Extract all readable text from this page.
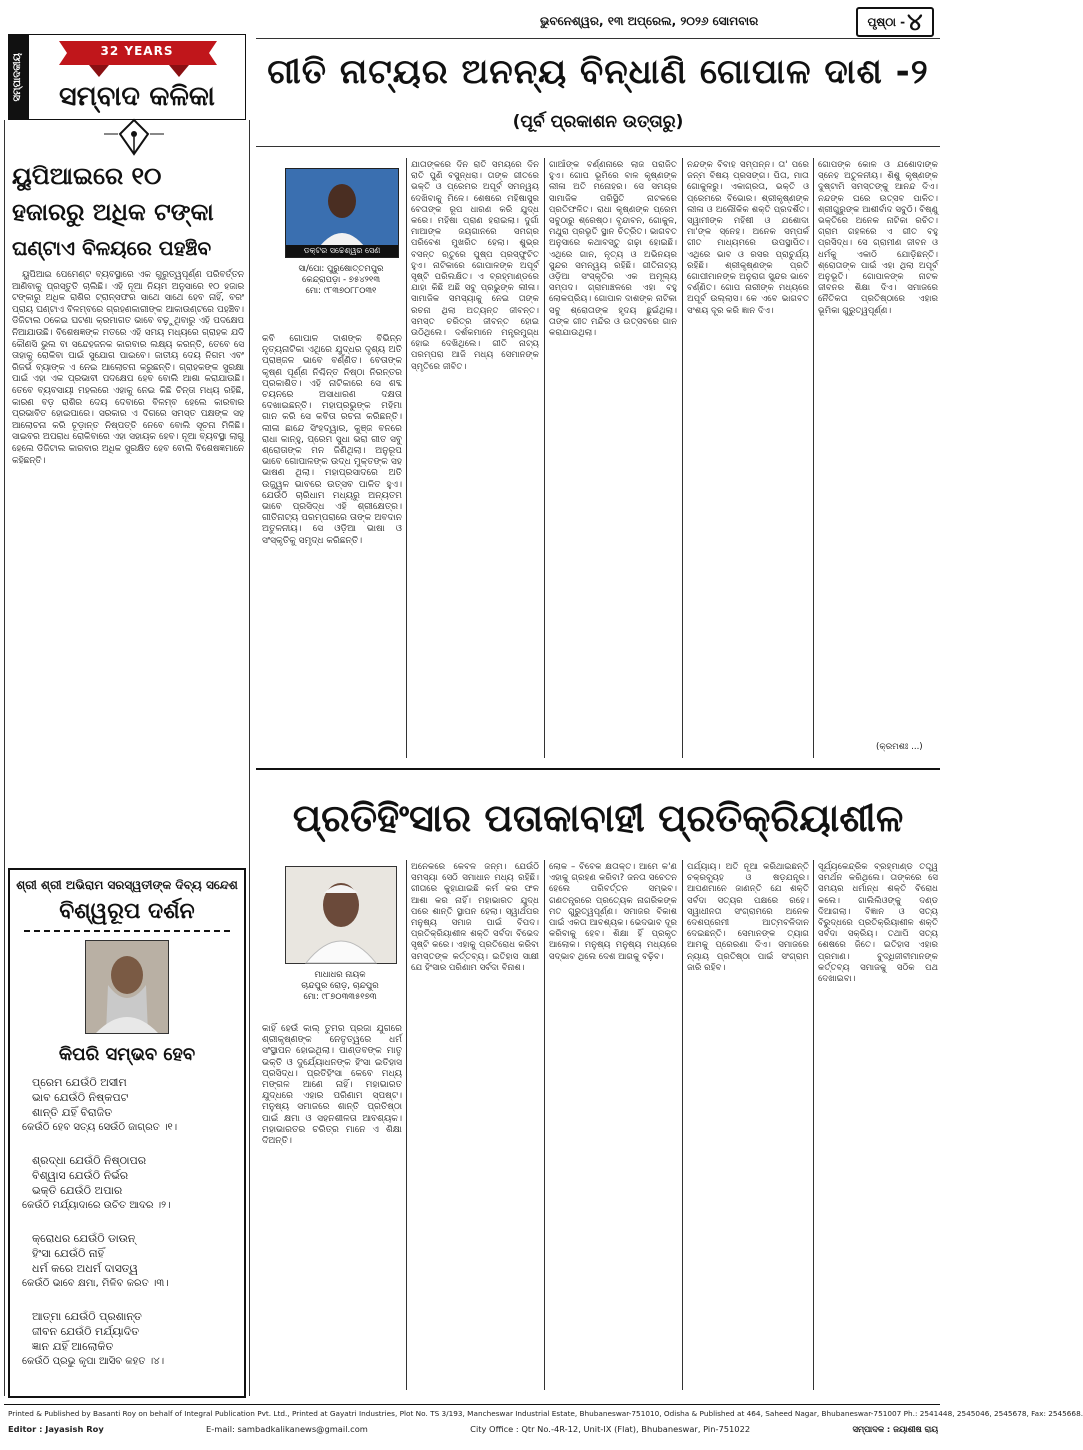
ଭୁବନେଶ୍ୱର, ୧୩ ଅପ୍ରେଲ, ୨୦୨୬ ସୋମବାର	ପୃଷ୍ଠା - ୪
ସମ୍ପାଦକୀୟ
32 YEARS
ସମ୍ବାଦ କଳିକା
ୟୁପିଆଇରେ ୧୦
ହଜାରରୁ ଅଧିକ ଟଙ୍କା
ଘଣ୍ଟାଏ ବିଳୟରେ ପହଞ୍ଚିବ
ୟୁପିଆଇ ପେମେଣ୍ଟ ବ୍ୟବସ୍ଥାରେ ଏକ ଗୁରୁତ୍ୱପୂର୍ଣ୍ଣ ପରିବର୍ତ୍ତନ ଆଣିବାକୁ ପ୍ରସ୍ତୁତି ଚାଲିଛି। ଏହି ନୂଆ ନିୟମ ଅନୁସାରେ ୧୦ ହଜାର ଟଙ୍କାରୁ ଅଧିକ ରାଶିର ଟ୍ରାନ୍ସଫର ସାଥେ ସାଥେ ହେବ ନାହିଁ, ବରଂ ପ୍ରାୟ ଘଣ୍ଟାଏ ବିଳମ୍ବରେ ଗ୍ରହଣକାରୀଙ୍କ ଆକାଉଣ୍ଟରେ ପହଞ୍ଚିବ। ଡିଜିଟାଲ ଠକେଇ ଘଟଣା କ୍ରମାଗତ ଭାବେ ବଢ଼ୁଥିବାରୁ ଏହି ପଦକ୍ଷେପ ନିଆଯାଉଛି। ବିଶେଷଜ୍ଞଙ୍କ ମତରେ ଏହି ସମୟ ମଧ୍ୟରେ ଗ୍ରାହକ ଯଦି କୌଣସି ଭୁଲ ବା ସନ୍ଦେହଜନକ କାରବାର ଲକ୍ଷ୍ୟ କରନ୍ତି, ତେବେ ସେ ତାହାକୁ ରୋକିବା ପାଇଁ ସୁଯୋଗ ପାଇବେ। ଜାତୀୟ ଦେୟ ନିଗମ ଏବଂ ରିଜର୍ଭ ବ୍ୟାଙ୍କ ଏ ନେଇ ଆଲୋଚନା କରୁଛନ୍ତି। ଗ୍ରାହକଙ୍କ ସୁରକ୍ଷା ପାଇଁ ଏହା ଏକ ପ୍ରଭାବୀ ପଦକ୍ଷେପ ହେବ ବୋଲି ଆଶା କରାଯାଉଛି। ତେବେ ବ୍ୟବସାୟୀ ମହଲରେ ଏହାକୁ ନେଇ କିଛି ଚିନ୍ତା ମଧ୍ୟ ରହିଛି, କାରଣ ବଡ଼ ରାଶିର ଦେୟ ଦେବାରେ ବିଳମ୍ବ ହେଲେ କାରବାର ପ୍ରଭାବିତ ହୋଇପାରେ। ସରକାର ଏ ଦିଗରେ ସମସ୍ତ ପକ୍ଷଙ୍କ ସହ ଆଲୋଚନା କରି ଚୂଡ଼ାନ୍ତ ନିଷ୍ପତ୍ତି ନେବେ ବୋଲି ସୂଚନା ମିଳିଛି। ସାଇବର ଅପରାଧ ରୋକିବାରେ ଏହା ସହାୟକ ହେବ। ନୂଆ ବ୍ୟବସ୍ଥା ଲାଗୁ ହେଲେ ଡିଜିଟାଲ କାରବାର ଅଧିକ ସୁରକ୍ଷିତ ହେବ ବୋଲି ବିଶେଷଜ୍ଞମାନେ କହିଛନ୍ତି।
ଶ୍ରୀ ଶ୍ରୀ ଅଭିରାମ ସରସ୍ୱତୀଙ୍କ ଦିବ୍ୟ ସନ୍ଦେଶ
ବିଶ୍ୱରୂପ ଦର୍ଶନ
କିପରି ସମ୍ଭବ ହେବ
ପ୍ରେମ ଯେଉଁଠି ଅସୀମ
ଭାବ ଯେଉଁଠି ନିଷ୍କପଟ
ଶାନ୍ତି ଯହିଁ ବିରାଜିତ
କେଉଁଠି ହେବ ସତ୍ୟ ସେଉଁଠି ଜାଗ୍ରତ ।୧।
ଶ୍ରଦ୍ଧା ଯେଉଁଠି ନିଷ୍ଠାପର
ବିଶ୍ୱାସ ଯେଉଁଠି ନିର୍ଭର
ଭକ୍ତି ଯେଉଁଠି ଅପାର
କେଉଁଠି ମର୍ଯ୍ୟାଦାରେ ଉଚିତ ଆଦର ।୨।
କ୍ରୋଧର ଯେଉଁଠି ଡାଉନ୍
ହିଂସା ଯେଉଁଠି ନାହିଁ
ଧର୍ମ କରେ ଅଧର୍ମ ଦାସତ୍ୱ
କେଉଁଠି ଭାବେ କ୍ଷମା, ମିଳିବ କରତ ।୩।
ଆତ୍ମା ଯେଉଁଠି ପ୍ରଶାନ୍ତ
ଜୀବନ ଯେଉଁଠି ମର୍ଯ୍ୟାଦିତ
ଜ୍ଞାନ ଯହିଁ ଆଲୋକିତ
କେଉଁଠି ପ୍ରଭୁ କୃପା ଆସିବ କହତ ।୪।
ଗୀତି ନାଟ୍ୟର ଅନନ୍ୟ ବିନ୍ଧାଣି ଗୋପାଳ ଦାଶ -୨
(ପୂର୍ବ ପ୍ରକାଶନ ଉତ୍ତାରୁ)
ଡକ୍ଟର ସଚ୍ଚେଶ୍ୱର ସେଣ
ସା/ପୋ: ପୁରୁଷୋତ୍ତମପୁର
କେନ୍ଦ୍ରାପଡ଼ା - ୭୫୪୨୧୩
ମୋ: ୯୮୩୭୦୮୮୦୩୧
କବି ଗୋପାଳ ଦାଶଙ୍କ ବିଭିନ୍ନ ନୃତ୍ୟନାଟିକା ଏଥିରେ ଯୁଦ୍ଧର ଦୃଶ୍ୟ ଅତି ପ୍ରାଞ୍ଜଳ ଭାବେ ବର୍ଣ୍ଣିତ। ବେତାଙ୍କ କୃଷ୍ଣ ପୂର୍ଣ୍ଣ ନିଶ୍ଚିନ୍ତ ନିଷ୍ଠା ନିରନ୍ତର ପ୍ରକାଶିତ। ଏହି ନାଟିକାରେ ସେ ଶବ୍ଦ ଚୟନରେ ଅସାଧାରଣ ଦକ୍ଷତା ଦେଖାଇଛନ୍ତି। ମହାପ୍ରଭୁଙ୍କ ମହିମା ଗାନ କରି ସେ କବିତା ରଚନା କରିଛନ୍ତି। ଲୀଳା ଛାନ୍ଦେ ସିଂହଦ୍ୱାର, କୁଞ୍ଜ ବନରେ ରାଧା କାନ୍ହୁ, ପ୍ରେମ ସୁଧା ଭରା ଗୀତ ସବୁ ଶ୍ରୋତାଙ୍କ ମନ ଜିଣିଥିଲା। ଅନୁରୂପ ଭାବେ ଗୋପାଳଙ୍କ ଉଦ୍ଧ ମୁକ୍ତଙ୍କ ସହ ଭାଷଣ ଥିଲା। ମହାପ୍ରସାଦରେ ଅତି ଉଜ୍ଜ୍ୱଳ ଭାବରେ ଉତ୍ସବ ପାଳିତ ହୁଏ। ଯେଉଁଠି ଚାରିଧାମ ମଧ୍ୟରୁ ଅନ୍ୟତମ ଭାବେ ପ୍ରସିଦ୍ଧ ଏହି ଶ୍ରୀକ୍ଷେତ୍ର। ଗୀତିନାଟ୍ୟ ପରମ୍ପରାରେ ତାଙ୍କ ଅବଦାନ ଅତୁଳନୀୟ। ସେ ଓଡ଼ିଆ ଭାଷା ଓ ସଂସ୍କୃତିକୁ ସମୃଦ୍ଧ କରିଛନ୍ତି।
ଯାତାଙ୍କରେ ଦିନ ରାତି ସମୟରେ ଦିନ ରାତି ପୁଣି ବସୁନ୍ଧରା। ତାଙ୍କ ଗୀତରେ ଭକ୍ତି ଓ ପ୍ରେମର ଅପୂର୍ବ ସମନ୍ୱୟ ଦେଖିବାକୁ ମିଳେ। ଶେଷରେ ମହିଷାସୁର ବେତାଙ୍କ ରୂପ ଧାରଣ କରି ଯୁଦ୍ଧ କରେ। ମହିଷା ପ୍ରାଣ ହରାଇଲା। ଦୁର୍ଗା ମାଆଙ୍କ ଜୟଗାନରେ ସମଗ୍ର ପରିବେଶ ମୁଖରିତ ହେଲା। ଶୁଭ୍ର ବସନ୍ତ ଋତୁରେ ପୁଷ୍ପ ପ୍ରସ୍ଫୁଟିତ ହୁଏ। ନାଟିକାରେ ଗୋପାଳଙ୍କ ଅପୂର୍ବ ସୃଷ୍ଟି ପରିଲକ୍ଷିତ। ଏ ବ୍ରହ୍ମାଣ୍ଡରେ ଯାହା କିଛି ଅଛି ସବୁ ପ୍ରଭୁଙ୍କ ଲୀଳା। ସାମାଜିକ ସମସ୍ୟାକୁ ନେଇ ତାଙ୍କ ରଚନା ଥିଲା ଅତ୍ୟନ୍ତ ଜୀବନ୍ତ। ସମସ୍ତ ଚରିତ୍ର ଜୀବନ୍ତ ହୋଇ ଉଠିଥିଲେ। ଦର୍ଶକମାନେ ମନ୍ତ୍ରମୁଗ୍ଧ ହୋଇ ଦେଖିଥିଲେ। ଗୀତି ନାଟ୍ୟ ପରମ୍ପରା ଆଜି ମଧ୍ୟ ସେମାନଙ୍କ ସ୍ମୃତିରେ ଜୀବିତ।
ଗାଆଁଙ୍କ ବର୍ଣ୍ଣନାରେ ଲାଜ ପରାଜିତ ହୁଏ। ଗୋପ ଭୂମିରେ ବାଳ କୃଷ୍ଣଙ୍କ ଲୀଳା ଅତି ମନୋହର। ସେ ସମୟର ସାମାଜିକ ପରିସ୍ଥିତି ନାଟକରେ ପ୍ରତିଫଳିତ। ରାଧା କୃଷ୍ଣଙ୍କ ପ୍ରେମ ସବୁଠାରୁ ଶ୍ରେଷ୍ଠ। ବୃନ୍ଦାବନ, ଗୋକୁଳ, ମଥୁରା ପ୍ରଭୃତି ସ୍ଥାନ ଚିତ୍ରିତ। ଭାଗବତ ଅନୁସାରେ କଥାବସ୍ତୁ ଗଢ଼ା ହୋଇଛି। ଏଥିରେ ଗାନ, ନୃତ୍ୟ ଓ ଅଭିନୟର ସୁନ୍ଦର ସମନ୍ୱୟ ରହିଛି। ଗୀତିନାଟ୍ୟ ଓଡ଼ିଆ ସଂସ୍କୃତିର ଏକ ଅମୂଲ୍ୟ ସମ୍ପଦ। ଗ୍ରାମାଞ୍ଚଳରେ ଏହା ବହୁ ଲୋକପ୍ରିୟ। ଗୋପାଳ ଦାଶଙ୍କ ନାଟିକା ସବୁ ଶ୍ରୋତାଙ୍କ ହୃଦୟ ଛୁଇଁଥିଲା। ତାଙ୍କ ଗୀତ ମନ୍ଦିର ଓ ଉତ୍ସବରେ ଗାନ କରାଯାଉଥିଲା।
ନନ୍ଦଙ୍କ ବିବାହ ସମ୍ପନ୍ନ। ତା' ପରେ ଜନ୍ମ ବିଷୟ ପ୍ରସଙ୍ଗ। ପିତା, ମାତା ଗୋକୁଳରୁ। ଏକାଗ୍ରତା, ଭକ୍ତି ଓ ପ୍ରେମରେ ବିଭୋର। ଶ୍ରୀକୃଷ୍ଣଙ୍କ ଲୀଳା ଓ ଅଲୌକିକ ଶକ୍ତି ପ୍ରଦର୍ଶିତ। ସ୍ୱାମୀଙ୍କ ମହିଷୀ ଓ ଯଶୋଦା ମା'ଙ୍କ ସ୍ନେହ। ଅନେକ ସମ୍ପର୍କ ଗୀତ ମାଧ୍ୟମରେ ଉପସ୍ଥାପିତ। ଏଥିରେ ଭାବ ଓ ରସର ପ୍ରାଚୁର୍ଯ୍ୟ ରହିଛି। ଶ୍ରୀକୃଷ୍ଣଙ୍କ ପ୍ରତି ଗୋପୀମାନଙ୍କ ଅନୁରାଗ ସୁନ୍ଦର ଭାବେ ବର୍ଣ୍ଣିତ। ଗୋପ ନାରୀଙ୍କ ମଧ୍ୟରେ ଅପୂର୍ବ ଉଲ୍ଲାସ। କେ ଏବେ ଭାଗବତ ସଂଶୟ ଦୂର କରି ଜ୍ଞାନ ଦିଏ।
ଗୋପଙ୍କ କୋଳ ଓ ଯଶୋଦାଙ୍କ ସ୍ନେହ ଅତୁଳନୀୟ। ଶିଶୁ କୃଷ୍ଣଙ୍କ ଦୁଷ୍ଟାମି ସମସ୍ତଙ୍କୁ ଆନନ୍ଦ ଦିଏ। ନନ୍ଦଙ୍କ ଘରେ ଉତ୍ସବ ପାଳିତ। ଶ୍ରୀଗୁରୁଙ୍କ ଆଶୀର୍ବାଦ ସବୁଠି। ବିଷ୍ଣୁ ଭକ୍ତିରେ ଅନେକ ନାଟିକା ରଚିତ। ଗ୍ରାମ ଗହଳରେ ଏ ଗୀତ ବହୁ ପ୍ରସିଦ୍ଧ। ସେ ଗ୍ରାମୀଣ ଜୀବନ ଓ ଧର୍ମକୁ ଏକାଠି ଯୋଡ଼ିଛନ୍ତି। ଶ୍ରୋତାଙ୍କ ପାଇଁ ଏହା ଥିଲା ଅପୂର୍ବ ଅନୁଭୂତି। ଗୋପାଳଙ୍କ ନାଟକ ଜୀବନର ଶିକ୍ଷା ଦିଏ। ସମାଜରେ ନୈତିକତା ପ୍ରତିଷ୍ଠାରେ ଏହାର ଭୂମିକା ଗୁରୁତ୍ୱପୂର୍ଣ୍ଣ।
(କ୍ରମଶଃ ...)
ପ୍ରତିହିଂସାର ପତାକାବାହୀ ପ୍ରତିକ୍ରିୟାଶୀଳ
ମାଧାଧର ନାୟକ
ଚାନ୍ଦପୁର ରୋଡ଼, ଚାନ୍ଦପୁର
ମୋ: ୯୮୭୦୩୩୫୧୭୩
କାହିଁ ହେଉଁ କାଲ୍ ତୁମର ପ୍ରଜା ଯୁଗରେ ଶ୍ରୀକୃଷ୍ଣଙ୍କ ନେତୃତ୍ୱରେ ଧର୍ମ ସଂସ୍ଥାପନ ହୋଇଥିଲା। ପାଣ୍ଡବଙ୍କ ମାତୃ ଭକ୍ତି ଓ ଦୁର୍ଯ୍ୟୋଧନଙ୍କ ହିଂସା ଇତିହାସ ପ୍ରସିଦ୍ଧ। ପ୍ରତିହିଂସା କେବେ ମଧ୍ୟ ମଙ୍ଗଳ ଆଣେ ନାହିଁ। ମହାଭାରତ ଯୁଦ୍ଧରେ ଏହାର ପରିଣାମ ସ୍ପଷ୍ଟ। ମନୁଷ୍ୟ ସମାଜରେ ଶାନ୍ତି ପ୍ରତିଷ୍ଠା ପାଇଁ କ୍ଷମା ଓ ସହନଶୀଳତା ଆବଶ୍ୟକ। ମହାଭାରତର ଚରିତ୍ର ମାନେ ଏ ଶିକ୍ଷା ଦିଅନ୍ତି।
ଅନେକରେ କେବଳ ଜନ୍ମ। ଯେଉଁଠି ସମସ୍ୟା ସେଠି ସମାଧାନ ମଧ୍ୟ ରହିଛି। ଗୀତାରେ କୁହାଯାଇଛି କର୍ମ କର ଫଳ ଆଶା କର ନାହିଁ। ମହାଭାରତ ଯୁଦ୍ଧ ପରେ ଶାନ୍ତି ସ୍ଥାପନ ହେଲା। ସ୍ୱାର୍ଥପର ମନୁଷ୍ୟ ସମାଜ ପାଇଁ ବିପଦ। ପ୍ରତିକ୍ରିୟାଶୀଳ ଶକ୍ତି ସର୍ବଦା ବିଭେଦ ସୃଷ୍ଟି କରେ। ଏହାକୁ ପ୍ରତିରୋଧ କରିବା ସମସ୍ତଙ୍କ କର୍ତ୍ତବ୍ୟ। ଇତିହାସ ସାକ୍ଷୀ ଯେ ହିଂସାର ପରିଣାମ ସର୍ବଦା ବିନାଶ।
ଲୋକ – ବିବେକ କ୍ଷତାକ୍ତ। ଆମେ କ'ଣ ଏହାକୁ ଗ୍ରହଣ କରିବା? ଜନତା ସଚେତନ ହେଲେ ପରିବର୍ତ୍ତନ ସମ୍ଭବ। ଗଣତନ୍ତ୍ରରେ ପ୍ରତ୍ୟେକ ନାଗରିକଙ୍କ ମତ ଗୁରୁତ୍ୱପୂର୍ଣ୍ଣ। ସମାଜର ବିକାଶ ପାଇଁ ଏକତା ଆବଶ୍ୟକ। ଭେଦଭାବ ଦୂର କରିବାକୁ ହେବ। ଶିକ୍ଷା ହିଁ ପ୍ରକୃତ ଆଲୋକ। ମନୁଷ୍ୟ ମନୁଷ୍ୟ ମଧ୍ୟରେ ସଦ୍ଭାବ ଥିଲେ ଦେଶ ଆଗକୁ ବଢ଼ିବ।
ପର୍ଯ୍ୟାୟ। ଅତି ନୂଆ କରିଥାଇଛନ୍ତି ଚକ୍ରବ୍ୟୂହ ଓ ଷଡ଼ଯନ୍ତ୍ର। ଆପଣମାନେ ଜାଣନ୍ତି ଯେ ଶକ୍ତି ସର୍ବଦା ସତ୍ୟର ପକ୍ଷରେ ରହେ। ସ୍ୱାଧୀନତା ସଂଗ୍ରାମରେ ଅନେକ ଦେଶପ୍ରେମୀ ଆତ୍ମବଳିଦାନ ଦେଇଛନ୍ତି। ସେମାନଙ୍କ ତ୍ୟାଗ ଆମକୁ ପ୍ରେରଣା ଦିଏ। ସମାଜରେ ନ୍ୟାୟ ପ୍ରତିଷ୍ଠା ପାଇଁ ସଂଗ୍ରାମ ଜାରି ରହିବ।
ସୂର୍ଯ୍ୟକେନ୍ଦ୍ରିକ ବ୍ରହ୍ମାଣ୍ଡ ତତ୍ତ୍ୱ ସମର୍ଥନ କରିଥିଲେ। ତାଙ୍କରେ ସେ ସମୟର ଧର୍ମାନ୍ଧ ଶକ୍ତି ବିରୋଧ କଲେ। ଗାଲିଲିଓଙ୍କୁ ଦଣ୍ଡ ଦିଆଗଲା। ବିଜ୍ଞାନ ଓ ସତ୍ୟ ବିରୁଦ୍ଧରେ ପ୍ରତିକ୍ରିୟାଶୀଳ ଶକ୍ତି ସର୍ବଦା ସକ୍ରିୟ। ତଥାପି ସତ୍ୟ ଶେଷରେ ଜିତେ। ଇତିହାସ ଏହାର ପ୍ରମାଣ। ବୁଦ୍ଧିଜୀବୀମାନଙ୍କ କର୍ତ୍ତବ୍ୟ ସମାଜକୁ ସଠିକ ପଥ ଦେଖାଇବା।
Printed & Published by Basanti Roy on behalf of Integral Publication Pvt. Ltd., Printed at Gayatri Industries, Plot No. TS 3/193, Mancheswar Industrial Estate, Bhubaneswar-751010, Odisha & Published at 464, Saheed Nagar, Bhubaneswar-751007 Ph.: 2541448, 2545046, 2545678, Fax: 2545668.
Editor : Jayasish Roy	E-mail: sambadkalikanews@gmail.com	City Office : Qtr No.-4R-12, Unit-IX (Flat), Bhubaneswar, Pin-751022	ସମ୍ପାଦକ : ଜୟାଶୀଷ ରାୟ
